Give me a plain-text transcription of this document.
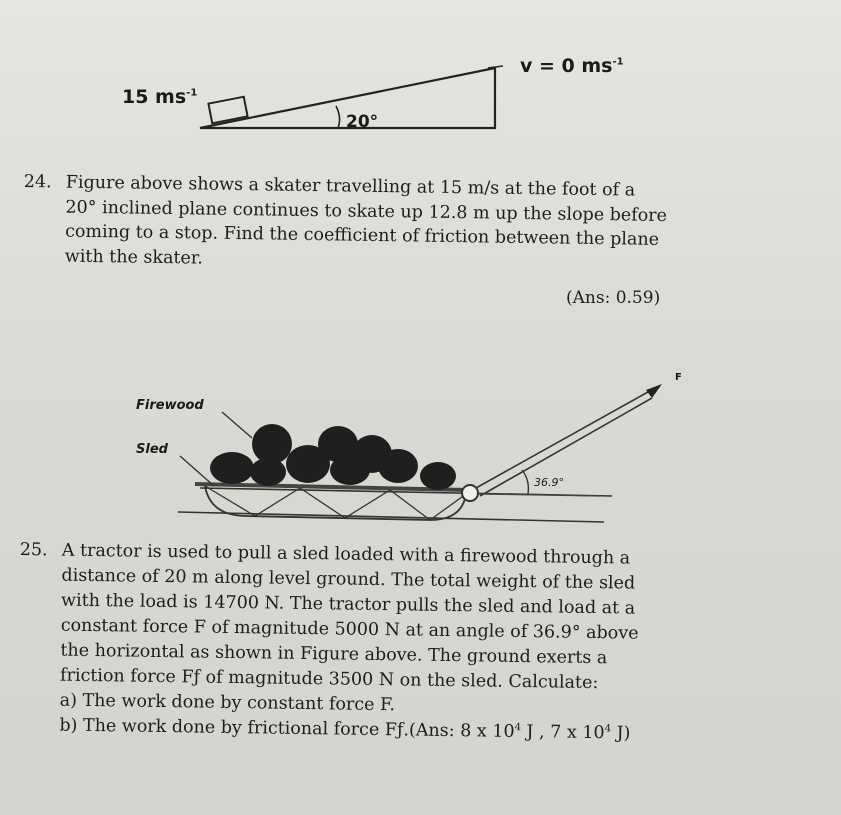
15 $ms^{-1}$
v = 0 $ms^{-1}$
20°
24. Figure above shows a skater travelling at 15 m/s at the foot of a
20° inclined plane continues to skate up 12.8 m up the slope before
coming to a stop. Find the coefficient of friction between the plane
with the skater.
(Ans: 0.59)
Firewood
Sled
F
36.9°
25. A tractor is used to pull a sled loaded with a firewood through a
distance of 20 m along level ground. The total weight of the sled
with the load is 14700 N. The tractor pulls the sled and load at a
constant force F of magnitude 5000 N at an angle of 36.9° above
the horizontal as shown in Figure above. The ground exerts a
friction force Fƒ of magnitude 3500 N on the sled. Calculate:
a) The work done by constant force F.
b) The work done by frictional force Fƒ.(Ans: 8 x $10^4$ J , 7 x $10^4$ J)
